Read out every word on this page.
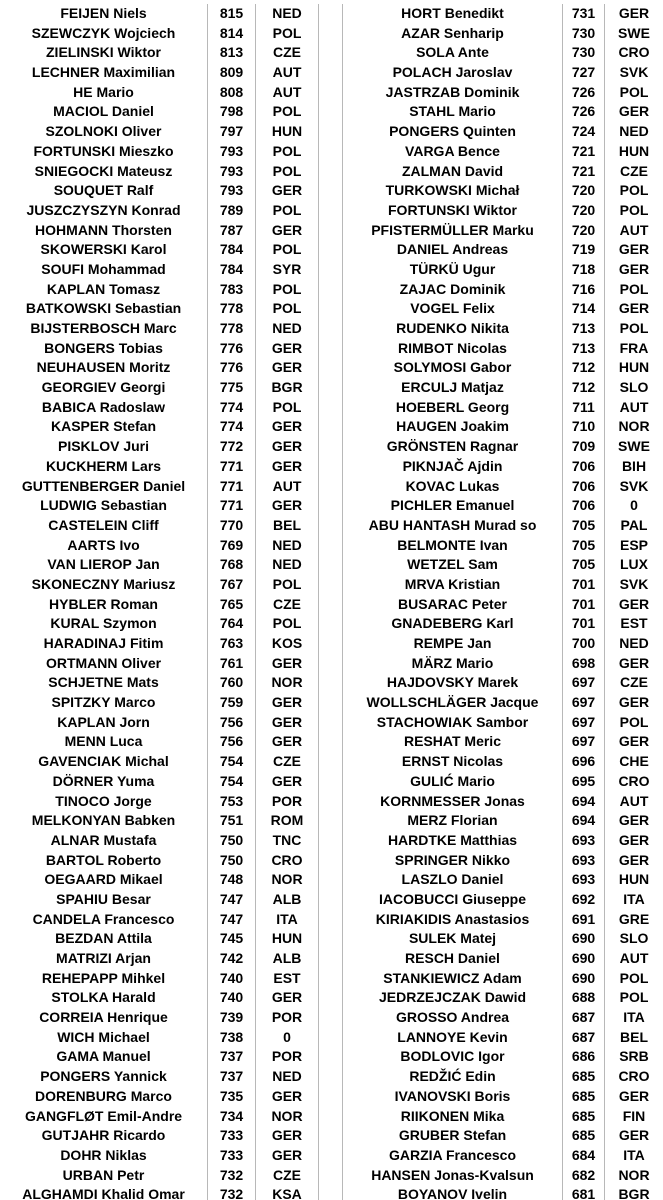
FEIJEN Niels	815	NED	HORT Benedikt	731	GER
SZEWCZYK Wojciech	814	POL	AZAR Senharip	730	SWE
ZIELINSKI Wiktor	813	CZE	SOLA Ante	730	CRO
LECHNER Maximilian	809	AUT	POLACH Jaroslav	727	SVK
HE Mario	808	AUT	JASTRZAB Dominik	726	POL
MACIOL Daniel	798	POL	STAHL Mario	726	GER
SZOLNOKI Oliver	797	HUN	PONGERS Quinten	724	NED
FORTUNSKI Mieszko	793	POL	VARGA Bence	721	HUN
SNIEGOCKI Mateusz	793	POL	ZALMAN David	721	CZE
SOUQUET Ralf	793	GER	TURKOWSKI Michał	720	POL
JUSZCZYSZYN Konrad	789	POL	FORTUNSKI Wiktor	720	POL
HOHMANN Thorsten	787	GER	PFISTERMÜLLER Marku	720	AUT
SKOWERSKI Karol	784	POL	DANIEL Andreas	719	GER
SOUFI Mohammad	784	SYR	TÜRKÜ Ugur	718	GER
KAPLAN Tomasz	783	POL	ZAJAC Dominik	716	POL
BATKOWSKI Sebastian	778	POL	VOGEL Felix	714	GER
BIJSTERBOSCH Marc	778	NED	RUDENKO Nikita	713	POL
BONGERS Tobias	776	GER	RIMBOT Nicolas	713	FRA
NEUHAUSEN Moritz	776	GER	SOLYMOSI Gabor	712	HUN
GEORGIEV Georgi	775	BGR	ERCULJ Matjaz	712	SLO
BABICA Radoslaw	774	POL	HOEBERL Georg	711	AUT
KASPER Stefan	774	GER	HAUGEN Joakim	710	NOR
PISKLOV Juri	772	GER	GRÖNSTEN Ragnar	709	SWE
KUCKHERM Lars	771	GER	PIKNJAČ Ajdin	706	BIH
GUTTENBERGER Daniel	771	AUT	KOVAC Lukas	706	SVK
LUDWIG Sebastian	771	GER	PICHLER Emanuel	706	0
CASTELEIN Cliff	770	BEL	ABU HANTASH Murad so	705	PAL
AARTS Ivo	769	NED	BELMONTE Ivan	705	ESP
VAN LIEROP Jan	768	NED	WETZEL Sam	705	LUX
SKONECZNY Mariusz	767	POL	MRVA Kristian	701	SVK
HYBLER Roman	765	CZE	BUSARAC Peter	701	GER
KURAL Szymon	764	POL	GNADEBERG Karl	701	EST
HARADINAJ Fitim	763	KOS	REMPE Jan	700	NED
ORTMANN Oliver	761	GER	MÄRZ Mario	698	GER
SCHJETNE Mats	760	NOR	HAJDOVSKY Marek	697	CZE
SPITZKY Marco	759	GER	WOLLSCHLÄGER Jacque	697	GER
KAPLAN Jorn	756	GER	STACHOWIAK Sambor	697	POL
MENN Luca	756	GER	RESHAT Meric	697	GER
GAVENCIAK Michal	754	CZE	ERNST Nicolas	696	CHE
DÖRNER Yuma	754	GER	GULIĆ Mario	695	CRO
TINOCO Jorge	753	POR	KORNMESSER Jonas	694	AUT
MELKONYAN Babken	751	ROM	MERZ Florian	694	GER
ALNAR Mustafa	750	TNC	HARDTKE Matthias	693	GER
BARTOL Roberto	750	CRO	SPRINGER Nikko	693	GER
OEGAARD Mikael	748	NOR	LASZLO Daniel	693	HUN
SPAHIU Besar	747	ALB	IACOBUCCI Giuseppe	692	ITA
CANDELA Francesco	747	ITA	KIRIAKIDIS Anastasios	691	GRE
BEZDAN Attila	745	HUN	SULEK Matej	690	SLO
MATRIZI Arjan	742	ALB	RESCH Daniel	690	AUT
REHEPAPP Mihkel	740	EST	STANKIEWICZ Adam	690	POL
STOLKA Harald	740	GER	JEDRZEJCZAK Dawid	688	POL
CORREIA Henrique	739	POR	GROSSO Andrea	687	ITA
WICH Michael	738	0	LANNOYE Kevin	687	BEL
GAMA Manuel	737	POR	BODLOVIC Igor	686	SRB
PONGERS Yannick	737	NED	REDŽIĆ Edin	685	CRO
DORENBURG Marco	735	GER	IVANOVSKI Boris	685	GER
GANGFLØT Emil-Andre	734	NOR	RIIKONEN Mika	685	FIN
GUTJAHR Ricardo	733	GER	GRUBER Stefan	685	GER
DOHR Niklas	733	GER	GARZIA Francesco	684	ITA
URBAN Petr	732	CZE	HANSEN Jonas-Kvalsun	682	NOR
ALGHAMDI Khalid Omar	732	KSA	BOYANOV Ivelin	681	BGR
